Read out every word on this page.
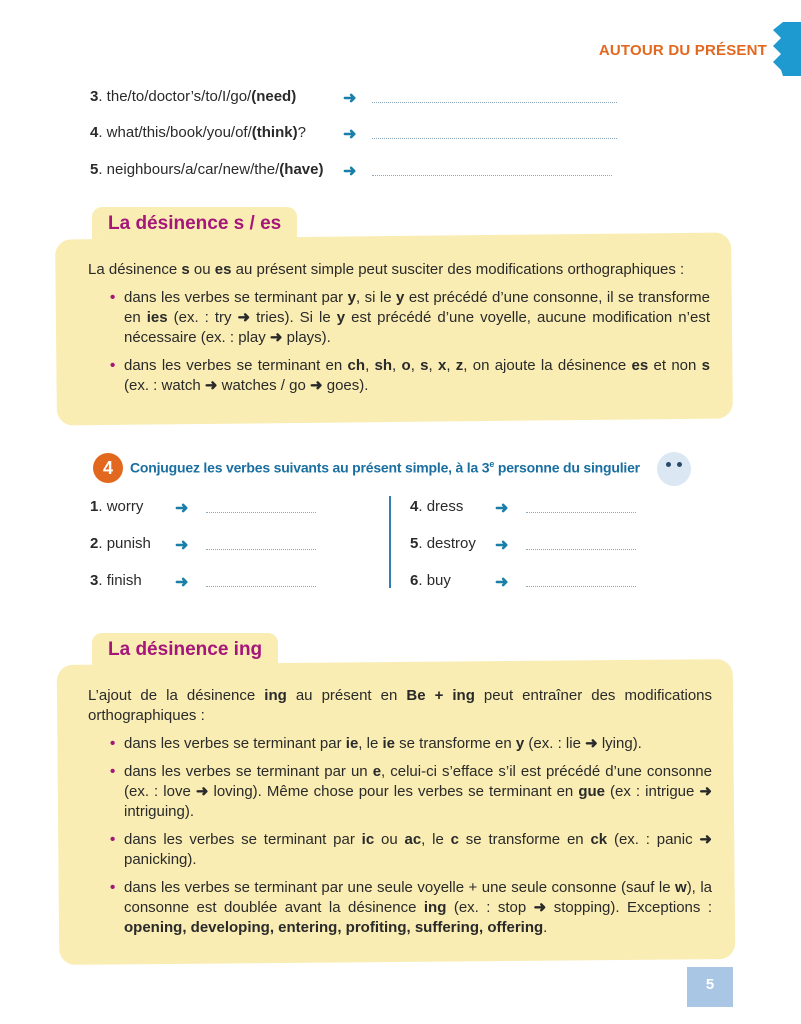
AUTOUR DU PRÉSENT
3. the/to/doctor’s/to/I/go/(need)	➜
4. what/this/book/you/of/(think)? ➜
5. neighbours/a/car/new/the/(have) ➜
La désinence s / es
La désinence s ou es au présent simple peut susciter des modifications orthographiques :
• dans les verbes se terminant par y, si le y est précédé d’une consonne, il se transforme en ies (ex. : try ➜ tries). Si le y est précédé d’une voyelle, aucune modification n’est nécessaire (ex. : play ➜ plays).
• dans les verbes se terminant en ch, sh, o, s, x, z, on ajoute la désinence es et non s (ex. : watch ➜ watches / go ➜ goes).
4 Conjuguez les verbes suivants au présent simple, à la 3e personne du singulier
1. worry ➜
2. punish ➜
3. finish ➜
4. dress ➜
5. destroy ➜
6. buy	➜
La désinence ing
L’ajout de la désinence ing au présent en Be + ing peut entraîner des modifications orthographiques :
• dans les verbes se terminant par ie, le ie se transforme en y (ex. : lie ➜ lying).
• dans les verbes se terminant par un e, celui-ci s’efface s’il est précédé d’une consonne (ex. : love ➜ loving). Même chose pour les verbes se terminant en gue (ex : intrigue ➜ intriguing).
• dans les verbes se terminant par ic ou ac, le c se transforme en ck (ex. : panic ➜ panicking).
• dans les verbes se terminant par une seule voyelle + une seule consonne (sauf le w), la consonne est doublée avant la désinence ing (ex. : stop ➜ stopping). Exceptions : opening, developing, entering, profiting, suffering, offering.
5
